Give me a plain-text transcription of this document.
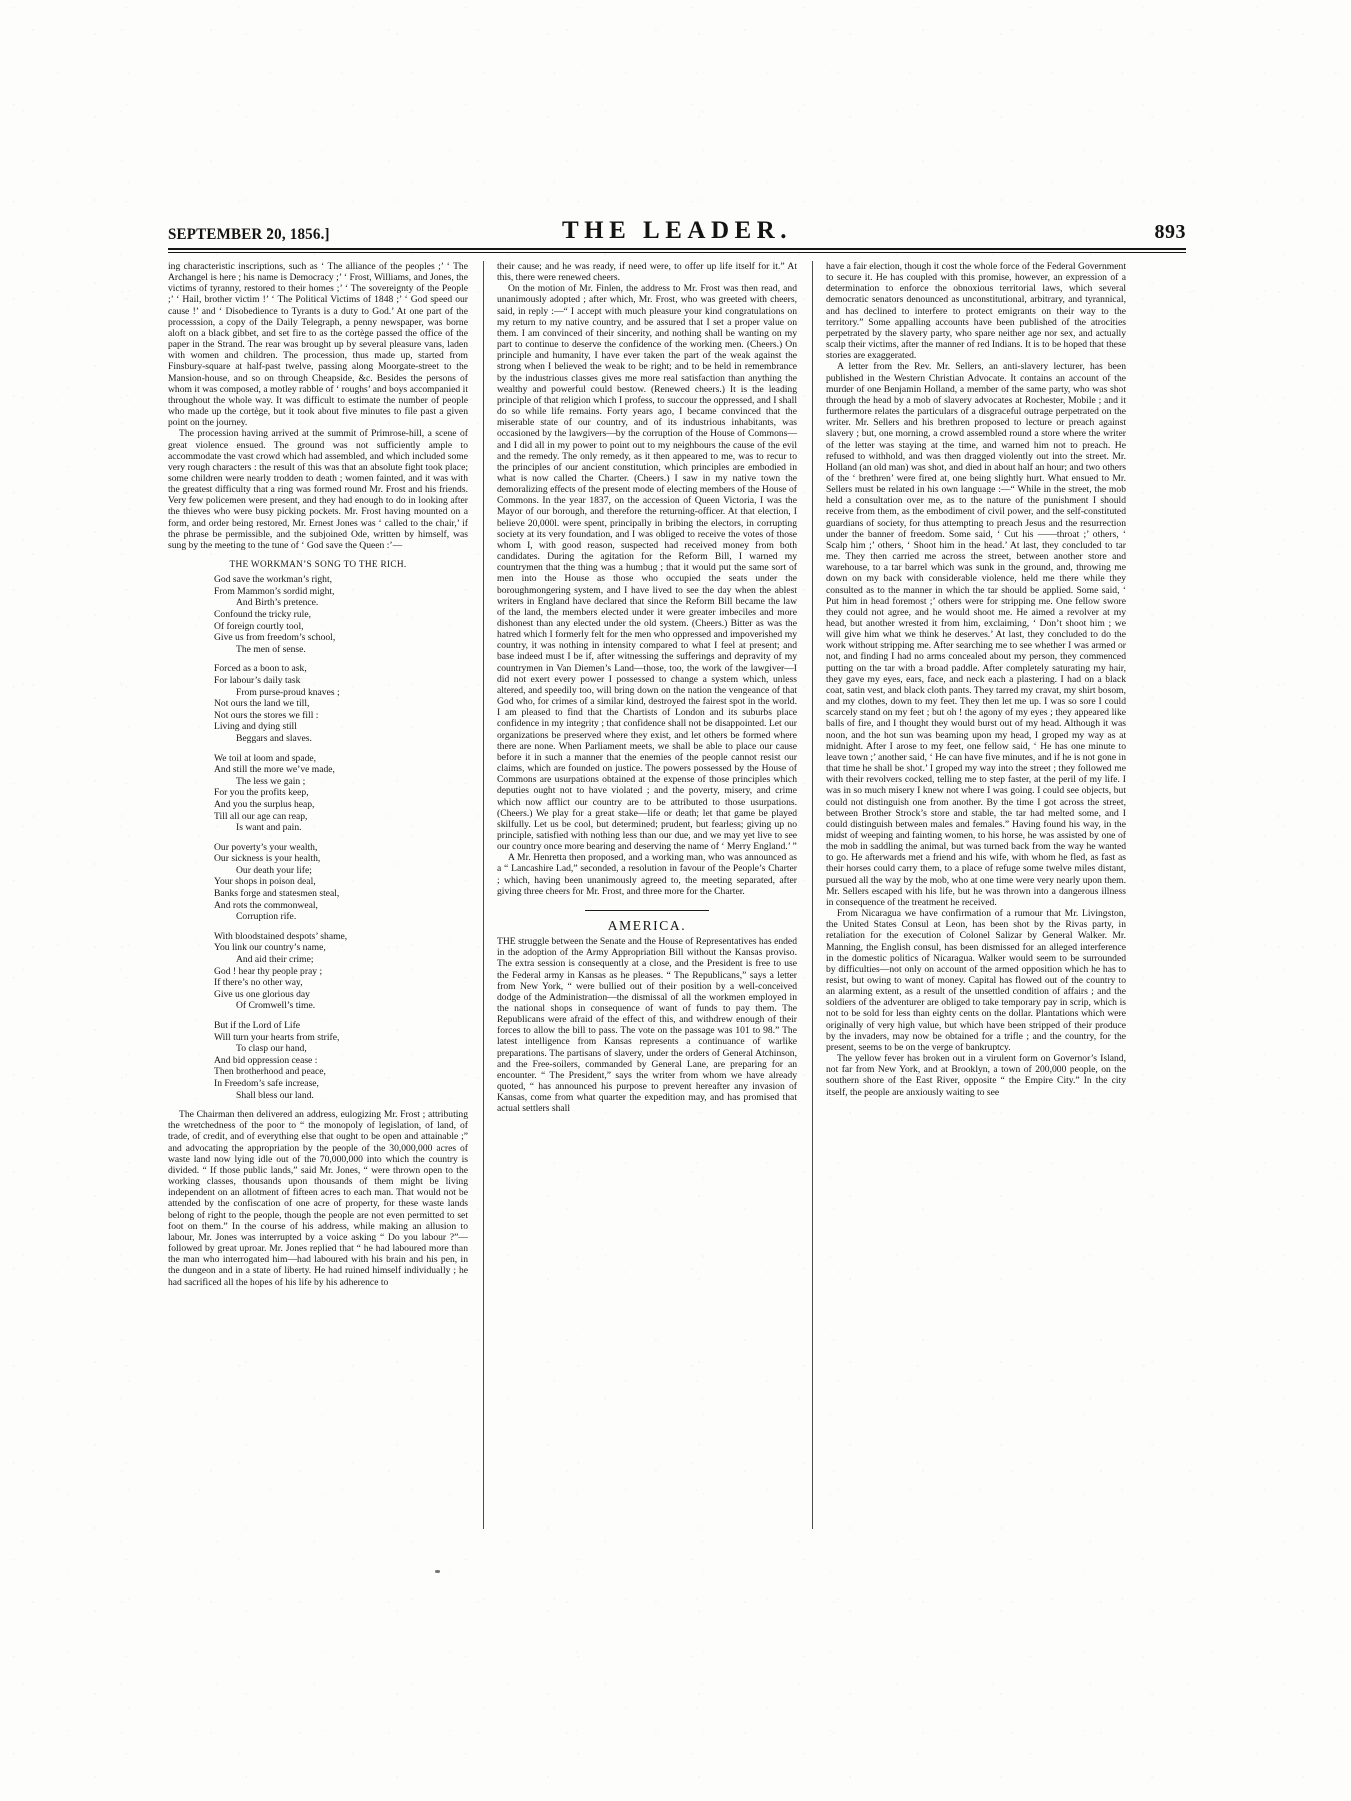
SEPTEMBER 20, 1856.]	THE LEADER.	893

ing characteristic inscriptions, such as ‘ The alliance of the peoples ;’ ‘ The Archangel is here ; his name is Democracy ;’ ‘ Frost, Williams, and Jones, the victims of tyranny, restored to their homes ;’ ‘ The sovereignty of the People ;’ ‘ Hail, brother victim !’ ‘ The Political Victims of 1848 ;’ ‘ God speed our cause !’ and ‘ Disobedience to Tyrants is a duty to God.’ At one part of the processsion, a copy of the Daily Telegraph, a penny newspaper, was borne aloft on a black gibbet, and set fire to as the cortège passed the office of the paper in the Strand. The rear was brought up by several pleasure vans, laden with women and children. The procession, thus made up, started from Finsbury-square at half-past twelve, passing along Moorgate-street to the Mansion-house, and so on through Cheapside, &c. Besides the persons of whom it was composed, a motley rabble of ‘ roughs’ and boys accompanied it throughout the whole way. It was difficult to estimate the number of people who made up the cortège, but it took about five minutes to file past a given point on the journey.

The procession having arrived at the summit of Primrose-hill, a scene of great violence ensued. The ground was not sufficiently ample to accommodate the vast crowd which had assembled, and which included some very rough characters : the result of this was that an absolute fight took place; some children were nearly trodden to death ; women fainted, and it was with the greatest difficulty that a ring was formed round Mr. Frost and his friends. Very few policemen were present, and they had enough to do in looking after the thieves who were busy picking pockets. Mr. Frost having mounted on a form, and order being restored, Mr. Ernest Jones was ‘ called to the chair,’ if the phrase be permissible, and the subjoined Ode, written by himself, was sung by the meeting to the tune of ‘ God save the Queen :’—

THE WORKMAN’S SONG TO THE RICH.
God save the workman’s right,
From Mammon’s sordid might,
And Birth’s pretence.
Confound the tricky rule,
Of foreign courtly tool,
Give us from freedom’s school,
The men of sense.
Forced as a boon to ask,
For labour’s daily task
From purse-proud knaves ;
Not ours the land we till,
Not ours the stores we fill :
Living and dying still
Beggars and slaves.
We toil at loom and spade,
And still the more we’ve made,
The less we gain ;
For you the profits keep,
And you the surplus heap,
Till all our age can reap,
Is want and pain.
Our poverty’s your wealth,
Our sickness is your health,
Our death your life;
Your shops in poison deal,
Banks forge and statesmen steal,
And rots the commonweal,
Corruption rife.
With bloodstained despots’ shame,
You link our country’s name,
And aid their crime;
God ! hear thy people pray ;
If there’s no other way,
Give us one glorious day
Of Cromwell’s time.
But if the Lord of Life
Will turn your hearts from strife,
To clasp our hand,
And bid oppression cease :
Then brotherhood and peace,
In Freedom’s safe increase,
Shall bless our land.

The Chairman then delivered an address, eulogizing Mr. Frost ; attributing the wretchedness of the poor to “ the monopoly of legislation, of land, of trade, of credit, and of everything else that ought to be open and attainable ;” and advocating the appropriation by the people of the 30,000,000 acres of waste land now lying idle out of the 70,000,000 into which the country is divided. “ If those public lands,” said Mr. Jones, “ were thrown open to the working classes, thousands upon thousands of them might be living independent on an allotment of fifteen acres to each man. That would not be attended by the confiscation of one acre of property, for these waste lands belong of right to the people, though the people are not even permitted to set foot on them.” In the course of his address, while making an allusion to labour, Mr. Jones was interrupted by a voice asking “ Do you labour ?”—followed by great uproar. Mr. Jones replied that “ he had laboured more than the man who interrogated him—had laboured with his brain and his pen, in the dungeon and in a state of liberty. He had ruined himself individually ; he had sacrificed all the hopes of his life by his adherence to

their cause; and he was ready, if need were, to offer up life itself for it.” At this, there were renewed cheers.

On the motion of Mr. Finlen, the address to Mr. Frost was then read, and unanimously adopted ; after which, Mr. Frost, who was greeted with cheers, said, in reply :—“ I accept with much pleasure your kind congratulations on my return to my native country, and be assured that I set a proper value on them. I am convinced of their sincerity, and nothing shall be wanting on my part to continue to deserve the confidence of the working men. (Cheers.) On principle and humanity, I have ever taken the part of the weak against the strong when I believed the weak to be right; and to be held in remembrance by the industrious classes gives me more real satisfaction than anything the wealthy and powerful could bestow. (Renewed cheers.) It is the leading principle of that religion which I profess, to succour the oppressed, and I shall do so while life remains. Forty years ago, I became convinced that the miserable state of our country, and of its industrious inhabitants, was occasioned by the lawgivers—by the corruption of the House of Commons—and I did all in my power to point out to my neighbours the cause of the evil and the remedy. The only remedy, as it then appeared to me, was to recur to the principles of our ancient constitution, which principles are embodied in what is now called the Charter. (Cheers.) I saw in my native town the demoralizing effects of the present mode of electing members of the House of Commons. In the year 1837, on the accession of Queen Victoria, I was the Mayor of our borough, and therefore the returning-officer. At that election, I believe 20,000l. were spent, principally in bribing the electors, in corrupting society at its very foundation, and I was obliged to receive the votes of those whom I, with good reason, suspected had received money from both candidates. During the agitation for the Reform Bill, I warned my countrymen that the thing was a humbug ; that it would put the same sort of men into the House as those who occupied the seats under the boroughmongering system, and I have lived to see the day when the ablest writers in England have declared that since the Reform Bill became the law of the land, the members elected under it were greater imbeciles and more dishonest than any elected under the old system. (Cheers.) Bitter as was the hatred which I formerly felt for the men who oppressed and impoverished my country, it was nothing in intensity compared to what I feel at present; and base indeed must I be if, after witnessing the sufferings and depravity of my countrymen in Van Diemen’s Land—those, too, the work of the lawgiver—I did not exert every power I possessed to change a system which, unless altered, and speedily too, will bring down on the nation the vengeance of that God who, for crimes of a similar kind, destroyed the fairest spot in the world. I am pleased to find that the Chartists of London and its suburbs place confidence in my integrity ; that confidence shall not be disappointed. Let our organizations be preserved where they exist, and let others be formed where there are none. When Parliament meets, we shall be able to place our cause before it in such a manner that the enemies of the people cannot resist our claims, which are founded on justice. The powers possessed by the House of Commons are usurpations obtained at the expense of those principles which deputies ought not to have violated ; and the poverty, misery, and crime which now afflict our country are to be attributed to those usurpations. (Cheers.) We play for a great stake—life or death; let that game be played skilfully. Let us be cool, but determined; prudent, but fearless; giving up no principle, satisfied with nothing less than our due, and we may yet live to see our country once more bearing and deserving the name of ‘ Merry England.’ ”

A Mr. Henretta then proposed, and a working man, who was announced as a “ Lancashire Lad,” seconded, a resolution in favour of the People’s Charter ; which, having been unanimously agreed to, the meeting separated, after giving three cheers for Mr. Frost, and three more for the Charter.

AMERICA.

THE struggle between the Senate and the House of Representatives has ended in the adoption of the Army Appropriation Bill without the Kansas proviso. The extra session is consequently at a close, and the President is free to use the Federal army in Kansas as he pleases. “ The Republicans,” says a letter from New York, “ were bullied out of their position by a well-conceived dodge of the Administration—the dismissal of all the workmen employed in the national shops in consequence of want of funds to pay them. The Republicans were afraid of the effect of this, and withdrew enough of their forces to allow the bill to pass. The vote on the passage was 101 to 98.” The latest intelligence from Kansas represents a continuance of warlike preparations. The partisans of slavery, under the orders of General Atchinson, and the Free-soilers, commanded by General Lane, are preparing for an encounter. “ The President,” says the writer from whom we have already quoted, “ has announced his purpose to prevent hereafter any invasion of Kansas, come from what quarter the expedition may, and has promised that actual settlers shall

have a fair election, though it cost the whole force of the Federal Government to secure it. He has coupled with this promise, however, an expression of a determination to enforce the obnoxious territorial laws, which several democratic senators denounced as unconstitutional, arbitrary, and tyrannical, and has declined to interfere to protect emigrants on their way to the territory.” Some appalling accounts have been published of the atrocities perpetrated by the slavery party, who spare neither age nor sex, and actually scalp their victims, after the manner of red Indians. It is to be hoped that these stories are exaggerated.

A letter from the Rev. Mr. Sellers, an anti-slavery lecturer, has been published in the Western Christian Advocate. It contains an account of the murder of one Benjamin Holland, a member of the same party, who was shot through the head by a mob of slavery advocates at Rochester, Mobile ; and it furthermore relates the particulars of a disgraceful outrage perpetrated on the writer. Mr. Sellers and his brethren proposed to lecture or preach against slavery ; but, one morning, a crowd assembled round a store where the writer of the letter was staying at the time, and warned him not to preach. He refused to withhold, and was then dragged violently out into the street. Mr. Holland (an old man) was shot, and died in about half an hour; and two others of the ‘ brethren’ were fired at, one being slightly hurt. What ensued to Mr. Sellers must be related in his own language :—“ While in the street, the mob held a consultation over me, as to the nature of the punishment I should receive from them, as the embodiment of civil power, and the self-constituted guardians of society, for thus attempting to preach Jesus and the resurrection under the banner of freedom. Some said, ‘ Cut his ——throat ;’ others, ‘ Scalp him ;’ others, ‘ Shoot him in the head.’ At last, they concluded to tar me. They then carried me across the street, between another store and warehouse, to a tar barrel which was sunk in the ground, and, throwing me down on my back with considerable violence, held me there while they consulted as to the manner in which the tar should be applied. Some said, ‘ Put him in head foremost ;’ others were for stripping me. One fellow swore they could not agree, and he would shoot me. He aimed a revolver at my head, but another wrested it from him, exclaiming, ‘ Don’t shoot him ; we will give him what we think he deserves.’ At last, they concluded to do the work without stripping me. After searching me to see whether I was armed or not, and finding I had no arms concealed about my person, they commenced putting on the tar with a broad paddle. After completely saturating my hair, they gave my eyes, ears, face, and neck each a plastering. I had on a black coat, satin vest, and black cloth pants. They tarred my cravat, my shirt bosom, and my clothes, down to my feet. They then let me up. I was so sore I could scarcely stand on my feet ; but oh ! the agony of my eyes ; they appeared like balls of fire, and I thought they would burst out of my head. Although it was noon, and the hot sun was beaming upon my head, I groped my way as at midnight. After I arose to my feet, one fellow said, ‘ He has one minute to leave town ;’ another said, ‘ He can have five minutes, and if he is not gone in that time he shall be shot.’ I groped my way into the street ; they followed me with their revolvers cocked, telling me to step faster, at the peril of my life. I was in so much misery I knew not where I was going. I could see objects, but could not distinguish one from another. By the time I got across the street, between Brother Strock’s store and stable, the tar had melted some, and I could distinguish between males and females.” Having found his way, in the midst of weeping and fainting women, to his horse, he was assisted by one of the mob in saddling the animal, but was turned back from the way he wanted to go. He afterwards met a friend and his wife, with whom he fled, as fast as their horses could carry them, to a place of refuge some twelve miles distant, pursued all the way by the mob, who at one time were very nearly upon them. Mr. Sellers escaped with his life, but he was thrown into a dangerous illness in consequence of the treatment he received.

From Nicaragua we have confirmation of a rumour that Mr. Livingston, the United States Consul at Leon, has been shot by the Rivas party, in retaliation for the execution of Colonel Salizar by General Walker. Mr. Manning, the English consul, has been dismissed for an alleged interference in the domestic politics of Nicaragua. Walker would seem to be surrounded by difficulties—not only on account of the armed opposition which he has to resist, but owing to want of money. Capital has flowed out of the country to an alarming extent, as a result of the unsettled condition of affairs ; and the soldiers of the adventurer are obliged to take temporary pay in scrip, which is not to be sold for less than eighty cents on the dollar. Plantations which were originally of very high value, but which have been stripped of their produce by the invaders, may now be obtained for a trifle ; and the country, for the present, seems to be on the verge of bankruptcy.

The yellow fever has broken out in a virulent form on Governor’s Island, not far from New York, and at Brooklyn, a town of 200,000 people, on the southern shore of the East River, opposite “ the Empire City.” In the city itself, the people are anxiously waiting to see
